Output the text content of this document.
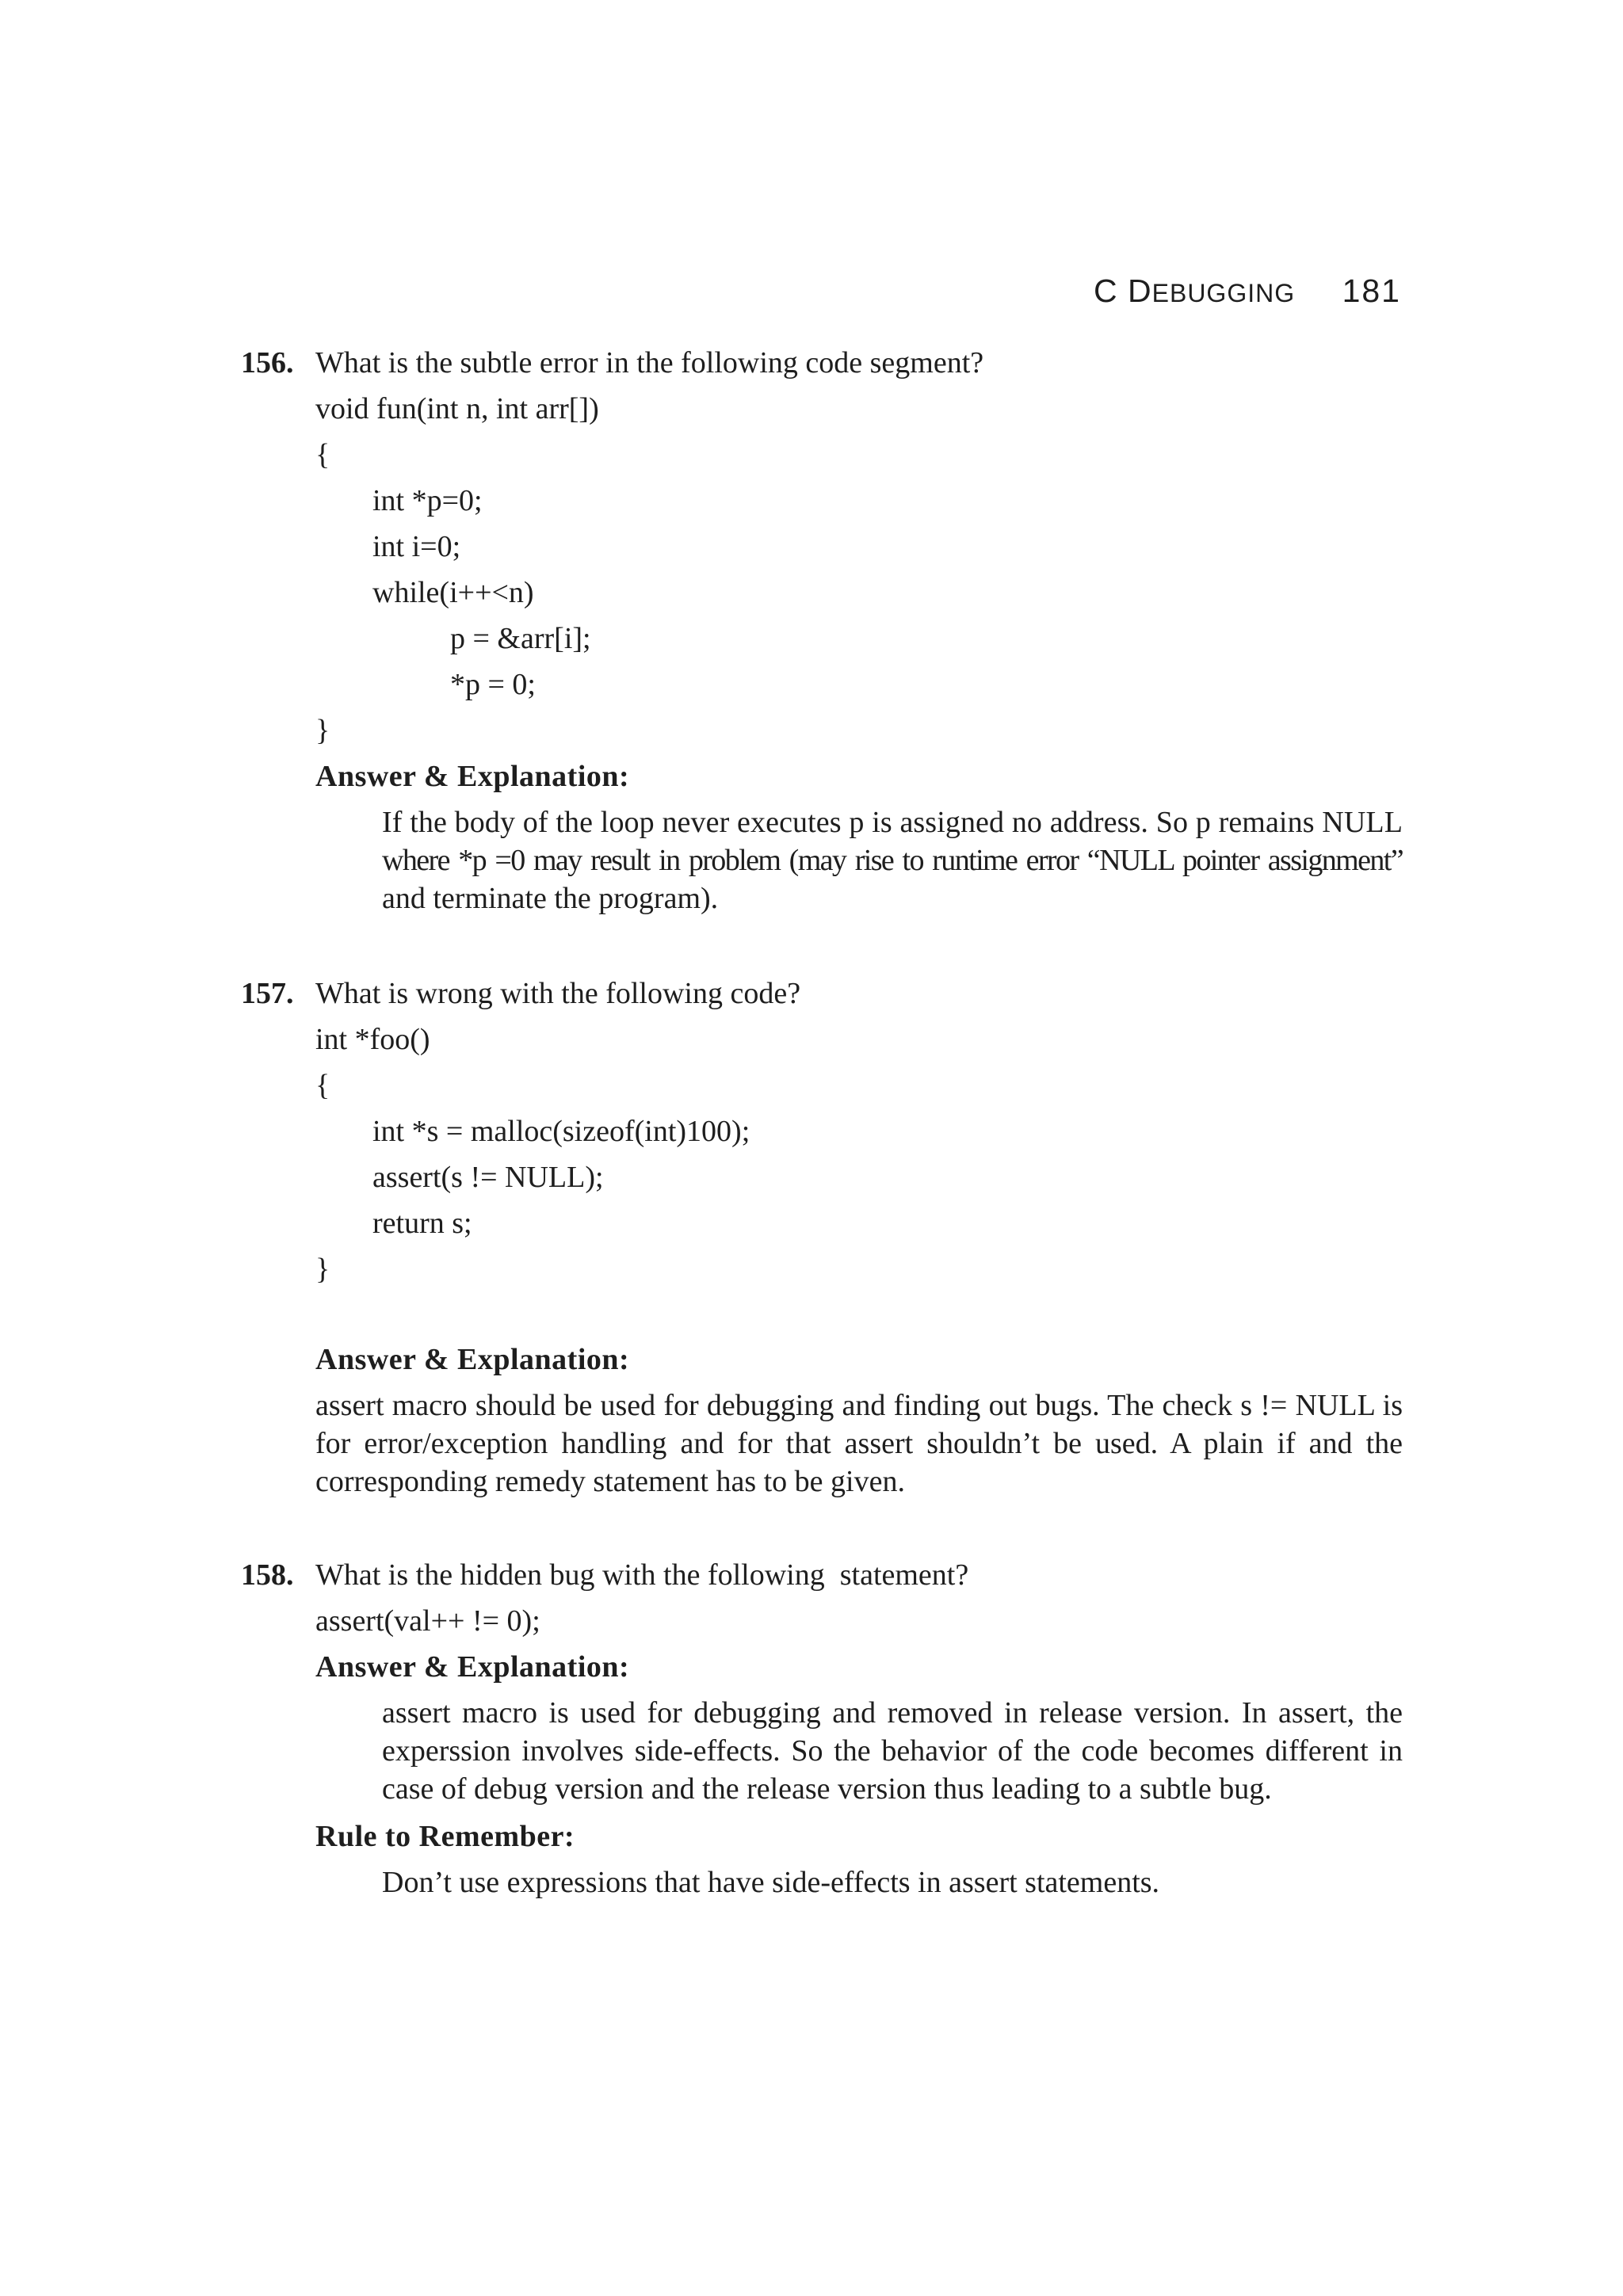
C DEBUGGING 181
156. What is the subtle error in the following code segment?
void fun(int n, int arr[])
{
int *p=0;
int i=0;
while(i++<n)
p = &arr[i];
*p = 0;
}
Answer & Explanation:
If the body of the loop never executes p is assigned no address. So p remains NULL
where *p =0 may result in problem (may rise to runtime error “NULL pointer assignment”
and terminate the program).
157. What is wrong with the following code?
int *foo()
{
int *s = malloc(sizeof(int)100);
assert(s != NULL);
return s;
}
Answer & Explanation:
assert macro should be used for debugging and finding out bugs. The check s != NULL is
for error/exception handling and for that assert shouldn’t be used. A plain if and the
corresponding remedy statement has to be given.
158. What is the hidden bug with the following  statement?
assert(val++ != 0);
Answer & Explanation:
assert macro is used for debugging and removed in release version. In assert, the
experssion involves side-effects. So the behavior of the code becomes different in
case of debug version and the release version thus leading to a subtle bug.
Rule to Remember:
Don’t use expressions that have side-effects in assert statements.
